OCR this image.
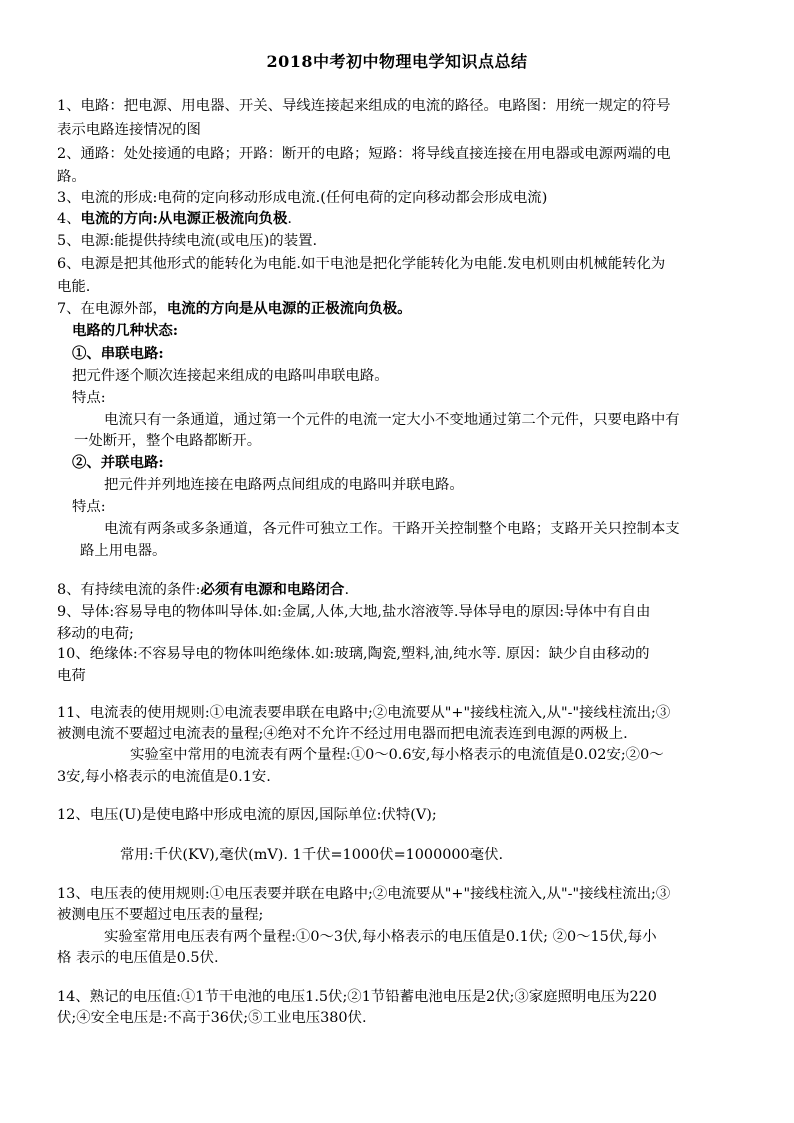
2018中考初中物理电学知识点总结
1、电路：把电源、用电器、开关、导线连接起来组成的电流的路径。电路图：用统一规定的符号
表示电路连接情况的图
2、通路：处处接通的电路；开路：断开的电路；短路：将导线直接连接在用电器或电源两端的电
路。
3、电流的形成:电荷的定向移动形成电流.(任何电荷的定向移动都会形成电流)
4、电流的方向:从电源正极流向负极.
5、电源:能提供持续电流(或电压)的装置.
6、电源是把其他形式的能转化为电能.如干电池是把化学能转化为电能.发电机则由机械能转化为
电能.
7、在电源外部，电流的方向是从电源的正极流向负极。
电路的几种状态:
①、串联电路:
把元件逐个顺次连接起来组成的电路叫串联电路。
特点:
电流只有一条通道，通过第一个元件的电流一定大小不变地通过第二个元件，只要电路中有
一处断开，整个电路都断开。
②、并联电路:
把元件并列地连接在电路两点间组成的电路叫并联电路。
特点:
电流有两条或多条通道，各元件可独立工作。干路开关控制整个电路；支路开关只控制本支
路上用电器。
8、有持续电流的条件:必须有电源和电路闭合.
9、导体:容易导电的物体叫导体.如:金属,人体,大地,盐水溶液等.导体导电的原因:导体中有自由
移动的电荷;
10、绝缘体:不容易导电的物体叫绝缘体.如:玻璃,陶瓷,塑料,油,纯水等. 原因：缺少自由移动的
电荷
11、电流表的使用规则:①电流表要串联在电路中;②电流要从"+"接线柱流入,从"-"接线柱流出;③
被测电流不要超过电流表的量程;④绝对不允许不经过用电器而把电流表连到电源的两极上.
实验室中常用的电流表有两个量程:①0～0.6安,每小格表示的电流值是0.02安;②0～
3安,每小格表示的电流值是0.1安.
12、电压(U)是使电路中形成电流的原因,国际单位:伏特(V);
常用:千伏(KV),毫伏(mV). 1千伏=1000伏=1000000毫伏.
13、电压表的使用规则:①电压表要并联在电路中;②电流要从"+"接线柱流入,从"-"接线柱流出;③
被测电压不要超过电压表的量程;
实验室常用电压表有两个量程:①0～3伏,每小格表示的电压值是0.1伏; ②0～15伏,每小
格 表示的电压值是0.5伏.
14、熟记的电压值:①1节干电池的电压1.5伏;②1节铅蓄电池电压是2伏;③家庭照明电压为220
伏;④安全电压是:不高于36伏;⑤工业电压380伏.
